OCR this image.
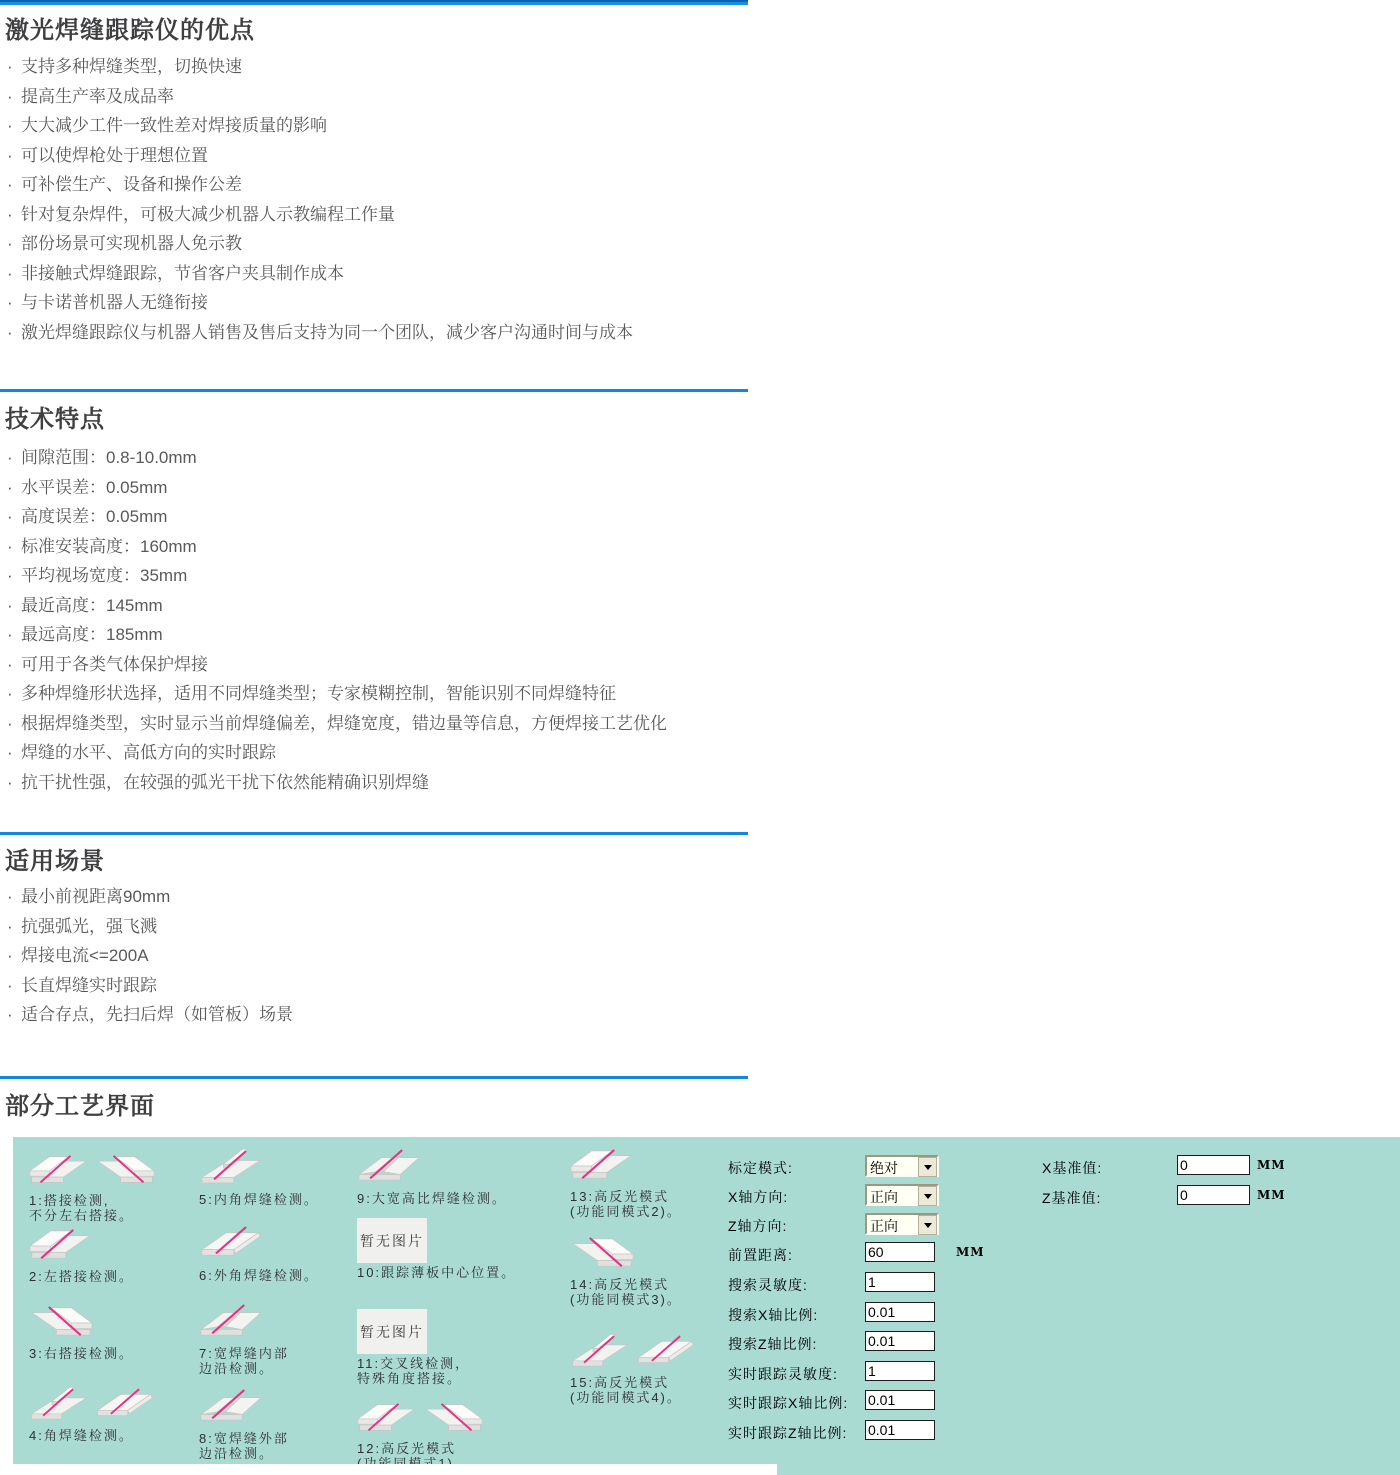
激光焊缝跟踪仪的优点
· 支持多种焊缝类型，切换快速
· 提高生产率及成品率
· 大大减少工件一致性差对焊接质量的影响
· 可以使焊枪处于理想位置
· 可补偿生产、设备和操作公差
· 针对复杂焊件，可极大减少机器人示教编程工作量
· 部份场景可实现机器人免示教
· 非接触式焊缝跟踪，节省客户夹具制作成本
· 与卡诺普机器人无缝衔接
· 激光焊缝跟踪仪与机器人销售及售后支持为同一个团队，减少客户沟通时间与成本
技术特点
· 间隙范围：0.8-10.0mm
· 水平误差：0.05mm
· 高度误差：0.05mm
· 标准安装高度：160mm
· 平均视场宽度：35mm
· 最近高度：145mm
· 最远高度：185mm
· 可用于各类气体保护焊接
· 多种焊缝形状选择，适用不同焊缝类型；专家模糊控制，智能识别不同焊缝特征
· 根据焊缝类型，实时显示当前焊缝偏差，焊缝宽度，错边量等信息，方便焊接工艺优化
· 焊缝的水平、高低方向的实时跟踪
· 抗干扰性强，在较强的弧光干扰下依然能精确识别焊缝
适用场景
· 最小前视距离90mm
· 抗强弧光，强飞溅
· 焊接电流<=200A
· 长直焊缝实时跟踪
· 适合存点，先扫后焊（如管板）场景
部分工艺界面
1:搭接检测,
不分左右搭接。
2:左搭接检测。
3:右搭接检测。
4:角焊缝检测。
5:内角焊缝检测。
6:外角焊缝检测。
7:宽焊缝内部
边沿检测。
8:宽焊缝外部
边沿检测。
9:大宽高比焊缝检测。
暂无图片
10:跟踪薄板中心位置。
暂无图片
11:交叉线检测，
特殊角度搭接。
12:高反光模式
13:高反光模式
(功能同模式2)。
14:高反光模式
(功能同模式3)。
15:高反光模式
(功能同模式4)。
标定模式:	绝对
X轴方向:	正向
Z轴方向:	正向
前置距离:
60	MM
搜索灵敏度:
1
搜索X轴比例:
0.01
搜索Z轴比例:
0.01
实时跟踪灵敏度:
1
实时跟踪X轴比例:
0.01
实时跟踪Z轴比例:
0.01
X基准值:
0	MM
Z基准值:
0	MM
